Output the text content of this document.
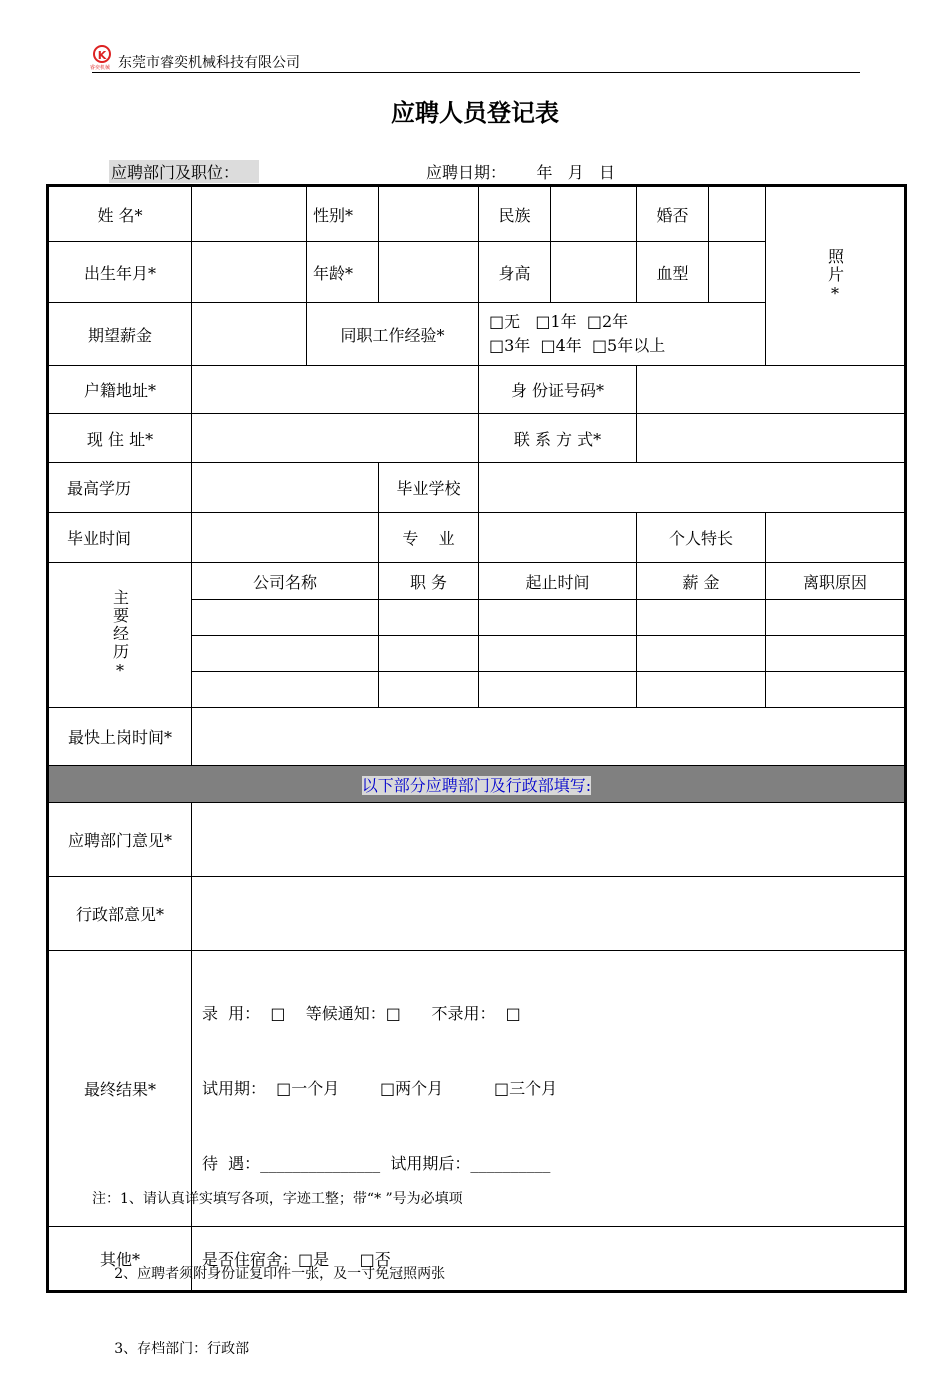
K
睿奕机械 东莞市睿奕机械科技有限公司
应聘人员登记表
应聘部门及职位：	应聘日期：      年   月   日
姓 名*		性别*		民族		婚否		照片*

出生年月*		年龄*		身高		血型		
期望薪金		同职工作经验*		□无   □1年  □2年
□3年  □4年  □5年以上				

户籍地址*				身 份证号码*				
现 住 址*				联 系 方 式*				
最高学历			毕业学校					
毕业时间			专    业			个人特长		

主要经历*	公司名称		职 务	起止时间		薪 金		离职原因

最快上岗时间*								
以下部分应聘部门及行政部填写:								
应聘部门意见*								
行政部意见*								
最终结果*	录  用：  □    等候通知：□      不录用：  □

试用期：  □一个月        □两个月          □三个月

待  遇：_______________  试用期后：__________							

其他*	是否住宿舍：□是      □否							

注：1、请认真详实填写各项，字迹工整；带“* ”号为必填项

2、应聘者须附身份证复印件一张，及一寸免冠照两张

3、存档部门：行政部
